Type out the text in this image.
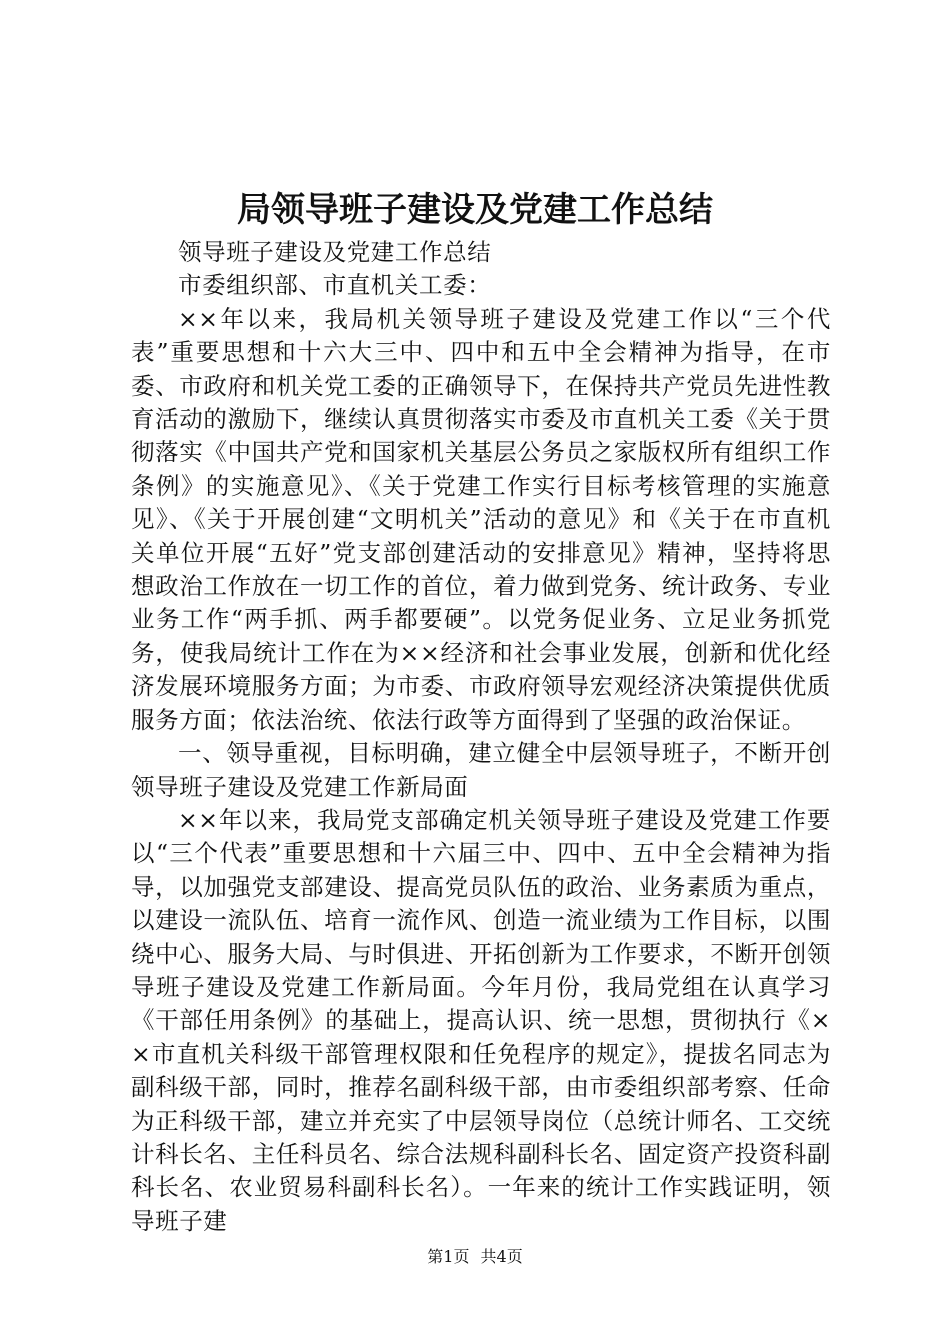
局领导班子建设及党建工作总结

领导班子建设及党建工作总结

市委组织部、市直机关工委：

××年以来，我局机关领导班子建设及党建工作以“三个代表”重要思想和十六大三中、四中和五中全会精神为指导，在市委、市政府和机关党工委的正确领导下，在保持共产党员先进性教育活动的激励下，继续认真贯彻落实市委及市直机关工委《关于贯彻落实《中国共产党和国家机关基层公务员之家版权所有组织工作条例》的实施意见》、《关于党建工作实行目标考核管理的实施意见》、《关于开展创建“文明机关”活动的意见》和《关于在市直机关单位开展“五好”党支部创建活动的安排意见》精神，坚持将思想政治工作放在一切工作的首位，着力做到党务、统计政务、专业业务工作“两手抓、两手都要硬”。以党务促业务、立足业务抓党务，使我局统计工作在为××经济和社会事业发展，创新和优化经济发展环境服务方面；为市委、市政府领导宏观经济决策提供优质服务方面；依法治统、依法行政等方面得到了坚强的政治保证。

一、领导重视，目标明确，建立健全中层领导班子，不断开创领导班子建设及党建工作新局面

××年以来，我局党支部确定机关领导班子建设及党建工作要以“三个代表”重要思想和十六届三中、四中、五中全会精神为指导，以加强党支部建设、提高党员队伍的政治、业务素质为重点，以建设一流队伍、培育一流作风、创造一流业绩为工作目标，以围绕中心、服务大局、与时俱进、开拓创新为工作要求，不断开创领导班子建设及党建工作新局面。今年月份，我局党组在认真学习《干部任用条例》的基础上，提高认识、统一思想，贯彻执行《××市直机关科级干部管理权限和任免程序的规定》，提拔名同志为副科级干部，同时，推荐名副科级干部，由市委组织部考察、任命为正科级干部，建立并充实了中层领导岗位（总统计师名、工交统计科长名、主任科员名、综合法规科副科长名、固定资产投资科副科长名、农业贸易科副科长名）。一年来的统计工作实践证明，领导班子建

第1页 共4页
